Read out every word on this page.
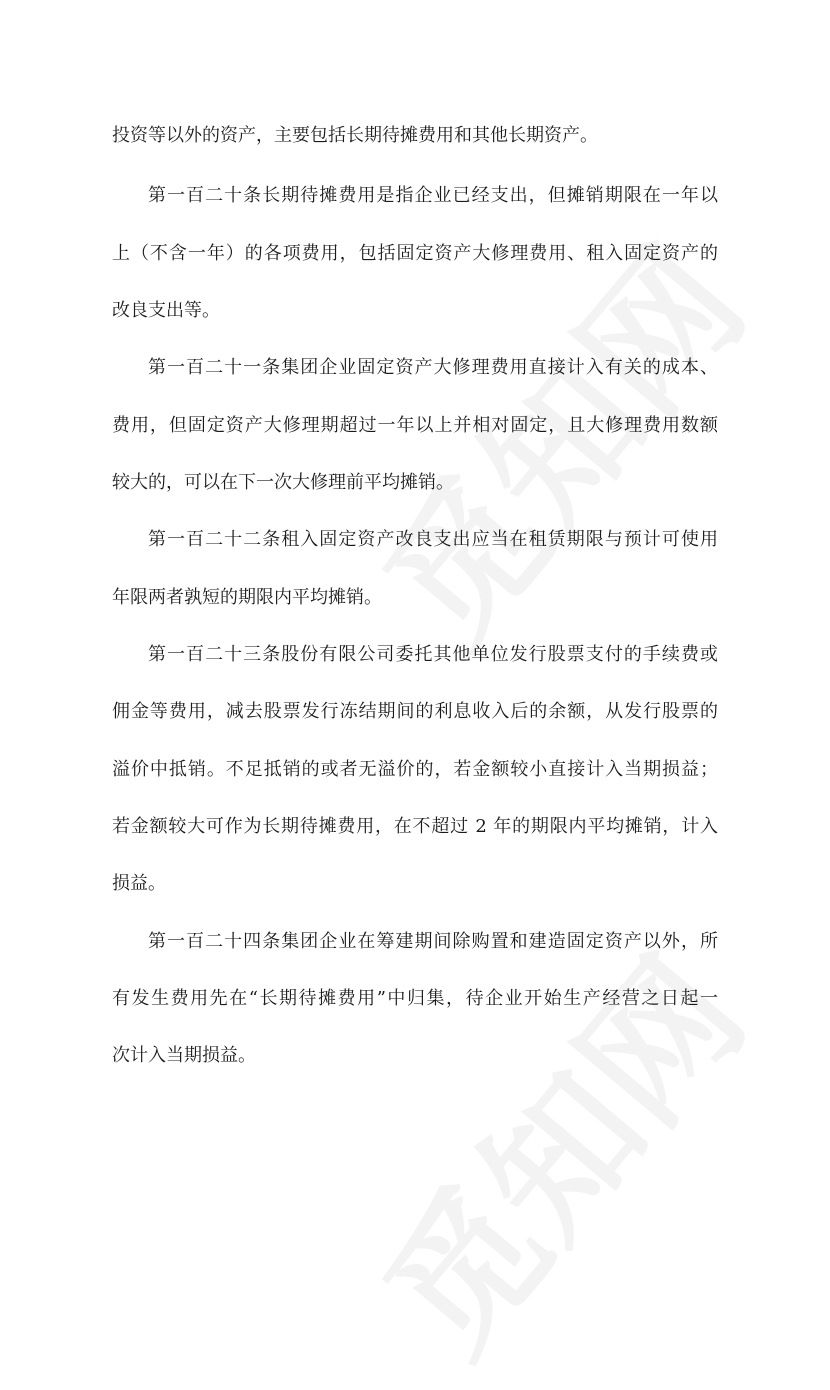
投资等以外的资产，主要包括长期待摊费用和其他长期资产。

第一百二十条长期待摊费用是指企业已经支出，但摊销期限在一年以

上（不含一年）的各项费用，包括固定资产大修理费用、租入固定资产的

改良支出等。

第一百二十一条集团企业固定资产大修理费用直接计入有关的成本、

费用，但固定资产大修理期超过一年以上并相对固定，且大修理费用数额

较大的，可以在下一次大修理前平均摊销。

第一百二十二条租入固定资产改良支出应当在租赁期限与预计可使用

年限两者孰短的期限内平均摊销。

第一百二十三条股份有限公司委托其他单位发行股票支付的手续费或

佣金等费用，减去股票发行冻结期间的利息收入后的余额，从发行股票的

溢价中抵销。不足抵销的或者无溢价的，若金额较小直接计入当期损益；

若金额较大可作为长期待摊费用，在不超过 2 年的期限内平均摊销，计入

损益。

第一百二十四条集团企业在筹建期间除购置和建造固定资产以外，所

有发生费用先在“长期待摊费用”中归集，待企业开始生产经营之日起一

次计入当期损益。
